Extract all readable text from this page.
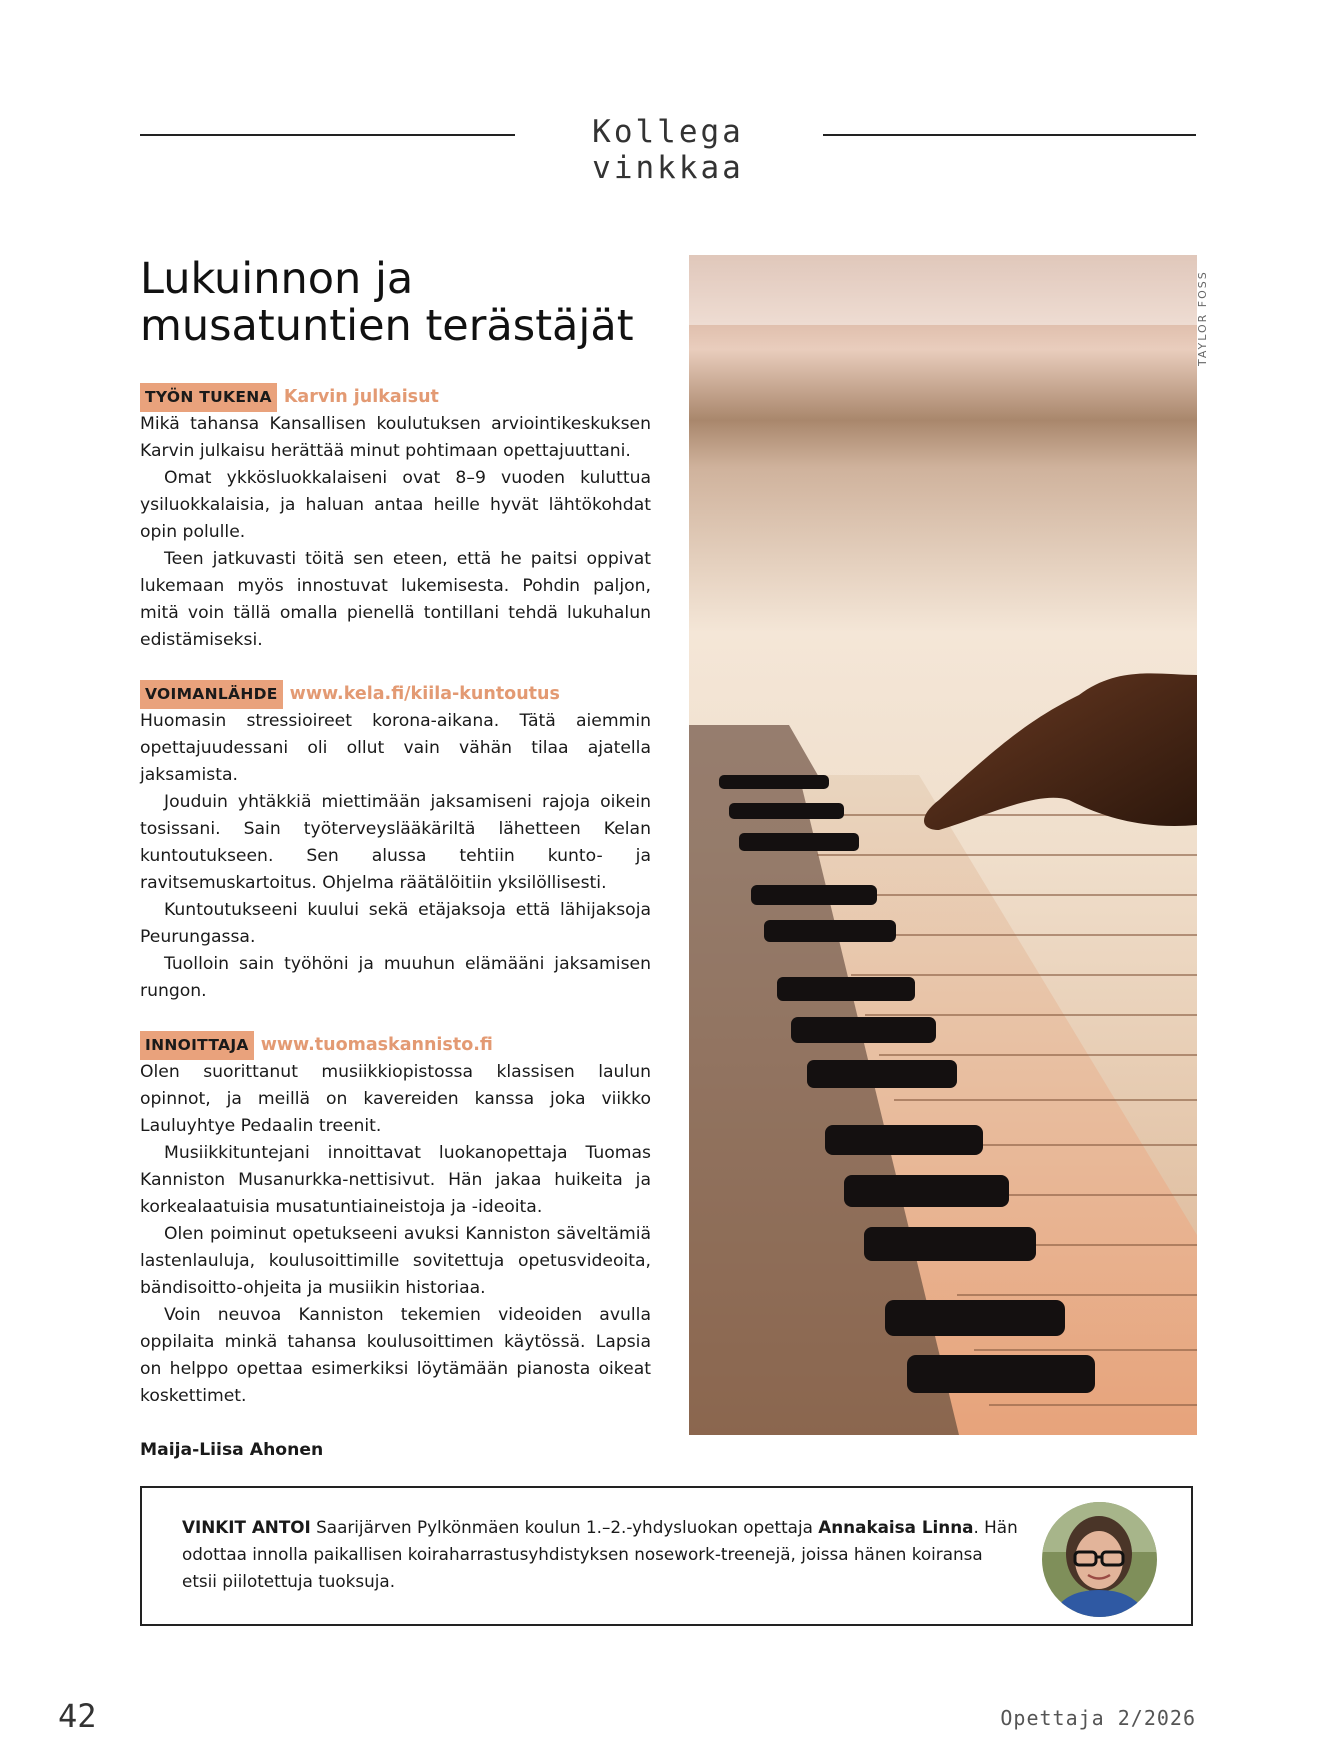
Kollega vinkkaa
Lukuinnon ja musatuntien terästäjät
TYÖN TUKENA Karvin julkaisut

Mikä tahansa Kansallisen koulutuksen arviointikeskuksen Karvin julkaisu herättää minut pohtimaan opettajuuttani.

Omat ykkösluokkalaiseni ovat 8–9 vuoden kuluttua ysiluokkalaisia, ja haluan antaa heille hyvät lähtökohdat opin polulle.

Teen jatkuvasti töitä sen eteen, että he paitsi oppivat lukemaan myös innostuvat lukemisesta. Pohdin paljon, mitä voin tällä omalla pienellä tontillani tehdä lukuhalun edistämiseksi.

VOIMANLÄHDE www.kela.fi/kiila-kuntoutus

Huomasin stressioireet korona-aikana. Tätä aiemmin opettajuudessani oli ollut vain vähän tilaa ajatella jaksamista.

Jouduin yhtäkkiä miettimään jaksamiseni rajoja oikein tosissani. Sain työterveyslääkäriltä lähetteen Kelan kuntoutukseen. Sen alussa tehtiin kunto- ja ravitsemuskartoitus. Ohjelma räätälöitiin yksilöllisesti.

Kuntoutukseeni kuului sekä etäjaksoja että lähijaksoja Peurungassa.

Tuolloin sain työhöni ja muuhun elämääni jaksamisen rungon.

INNOITTAJA www.tuomaskannisto.fi

Olen suorittanut musiikkiopistossa klassisen laulun opinnot, ja meillä on kavereiden kanssa joka viikko Lauluyhtye Pedaalin treenit.

Musiikkituntejani innoittavat luokanopettaja Tuomas Kanniston Musanurkka-nettisivut. Hän jakaa huikeita ja korkealaatuisia musatuntiaineistoja ja -ideoita.

Olen poiminut opetukseeni avuksi Kanniston säveltämiä lastenlauluja, koulusoittimille sovitettuja opetusvideoita, bändisoitto-ohjeita ja musiikin historiaa.

Voin neuvoa Kanniston tekemien videoiden avulla oppilaita minkä tahansa koulusoittimen käytössä. Lapsia on helppo opettaa esimerkiksi löytämään pianosta oikeat koskettimet.

Maija-Liisa Ahonen
TAYLOR FOSS
VINKIT ANTOI Saarijärven Pylkönmäen koulun 1.–2.-yhdysluokan opettaja Annakaisa Linna. Hän odottaa innolla paikallisen koiraharrastusyhdistyksen nosework-treenejä, joissa hänen koiransa etsii piilotettuja tuoksuja.
42	Opettaja 2/2026
